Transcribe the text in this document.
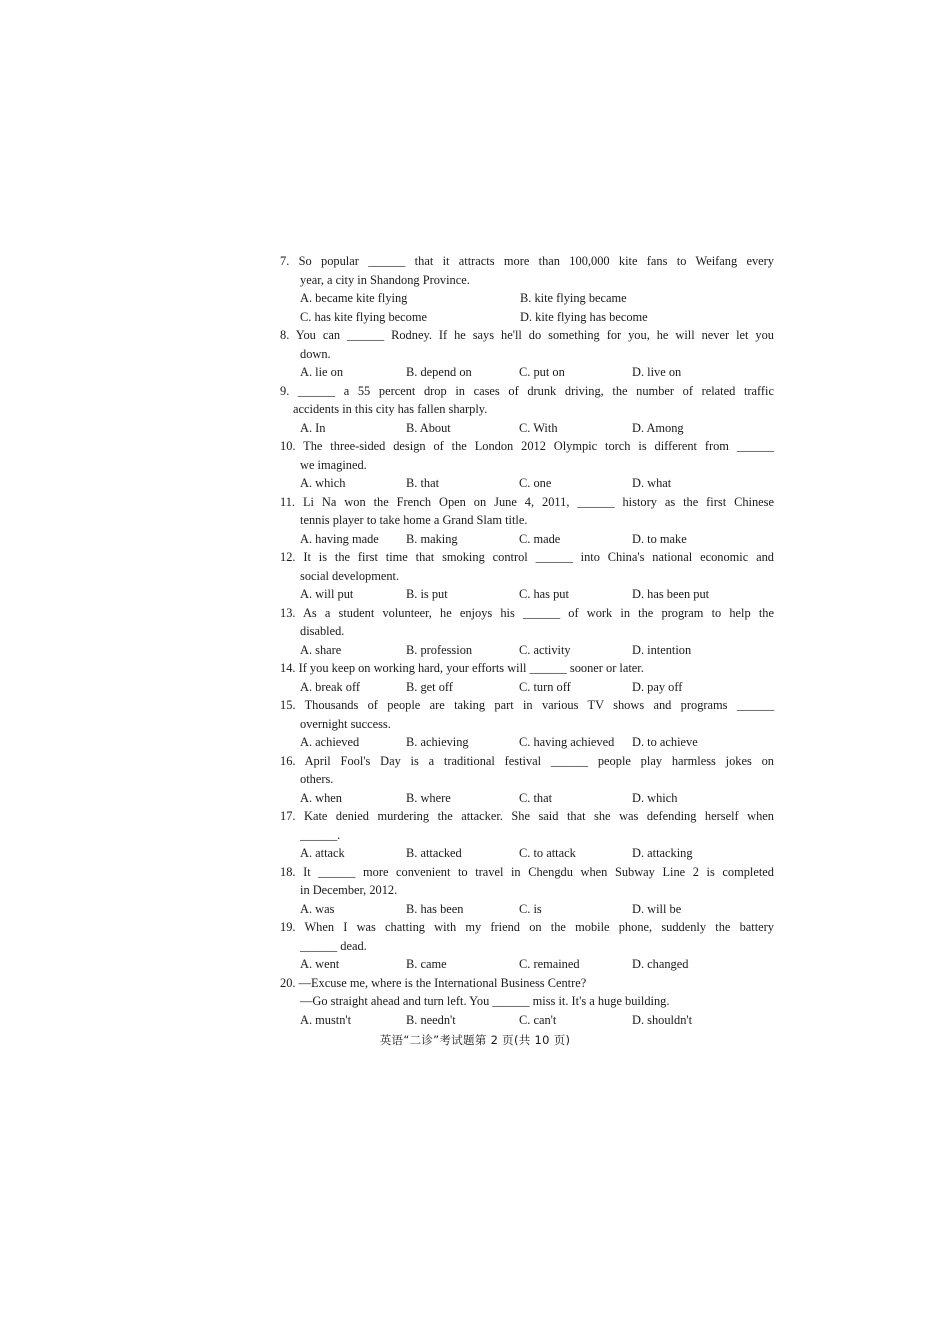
7. So popular ______ that it attracts more than 100,000 kite fans to Weifang every
year, a city in Shandong Province.
A. became kite flying	B. kite flying became
C. has kite flying become	D. kite flying has become
8. You can ______ Rodney. If he says he'll do something for you, he will never let you
down.
A. lie on	B. depend on	C. put on	D. live on
9. ______ a 55 percent drop in cases of drunk driving, the number of related traffic
accidents in this city has fallen sharply.
A. In	B. About	C. With	D. Among
10. The three-sided design of the London 2012 Olympic torch is different from ______
we imagined.
A. which	B. that	C. one	D. what
11. Li Na won the French Open on June 4, 2011, ______ history as the first Chinese
tennis player to take home a Grand Slam title.
A. having made B. making	C. made	D. to make
12. It is the first time that smoking control ______ into China's national economic and
social development.
A. will put	B. is put	C. has put	D. has been put
13. As a student volunteer, he enjoys his ______ of work in the program to help the
disabled.
A. share	B. profession	C. activity	D. intention
14. If you keep on working hard, your efforts will ______ sooner or later.
A. break off	B. get off	C. turn off	D. pay off
15. Thousands of people are taking part in various TV shows and programs ______
overnight success.
A. achieved	B. achieving	C. having achieved D. to achieve
16. April Fool's Day is a traditional festival ______ people play harmless jokes on
others.
A. when	B. where	C. that	D. which
17. Kate denied murdering the attacker. She said that she was defending herself when
______.
A. attack	B. attacked	C. to attack	D. attacking
18. It ______ more convenient to travel in Chengdu when Subway Line 2 is completed
in December, 2012.
A. was	B. has been	C. is	D. will be
19. When I was chatting with my friend on the mobile phone, suddenly the battery
______ dead.
A. went	B. came	C. remained	D. changed
20. —Excuse me, where is the International Business Centre?
—Go straight ahead and turn left. You ______ miss it. It's a huge building.
A. mustn't	B. needn't	C. can't	D. shouldn't
英语“二诊”考试题第 2 页(共 10 页)
